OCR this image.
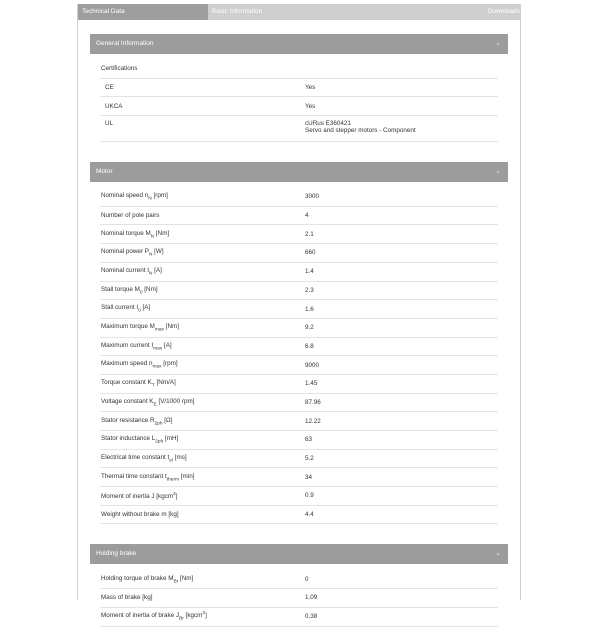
Technical Data	Basic Information	Downloads
General Information	⌄
Certifications
CE	Yes
UKCA	Yes
UL	cURus E360421
Servo and stepper motors - Component
Motor	⌄
Nominal speed $n_N$ [rpm]	3000
Number of pole pairs	4
Nominal torque $M_N$ [Nm]	2.1
Nominal power $P_N$ [W]	660
Nominal current $I_N$ [A]	1.4
Stall torque $M_0$ [Nm]	2.3
Stall current $I_0$ [A]	1.6
Maximum torque $M_{max}$ [Nm]	9.2
Maximum current $I_{max}$ [A]	6.8
Maximum speed $n_{max}$ [rpm]	9000
Torque constant $K_T$ [Nm/A]	1.45
Voltage constant $K_E$ [V/1000 rpm]	87.96
Stator resistance $R_{2ph}$ [Ω]	12.22
Stator inductance $L_{2ph}$ [mH]	63
Electrical time constant $t_{el}$ [ms]	5.2
Thermal time constant $t_{therm}$ [min]	34
Moment of inertia J [kgcm$^2$]	0.9
Weight without brake m [kg]	4.4
Holding brake	⌄
Holding torque of brake $M_{Br}$ [Nm]	0
Mass of brake [kg]	1.09
Moment of inertia of brake $J_{Br}$ [kgcm$^2$]	0.38
